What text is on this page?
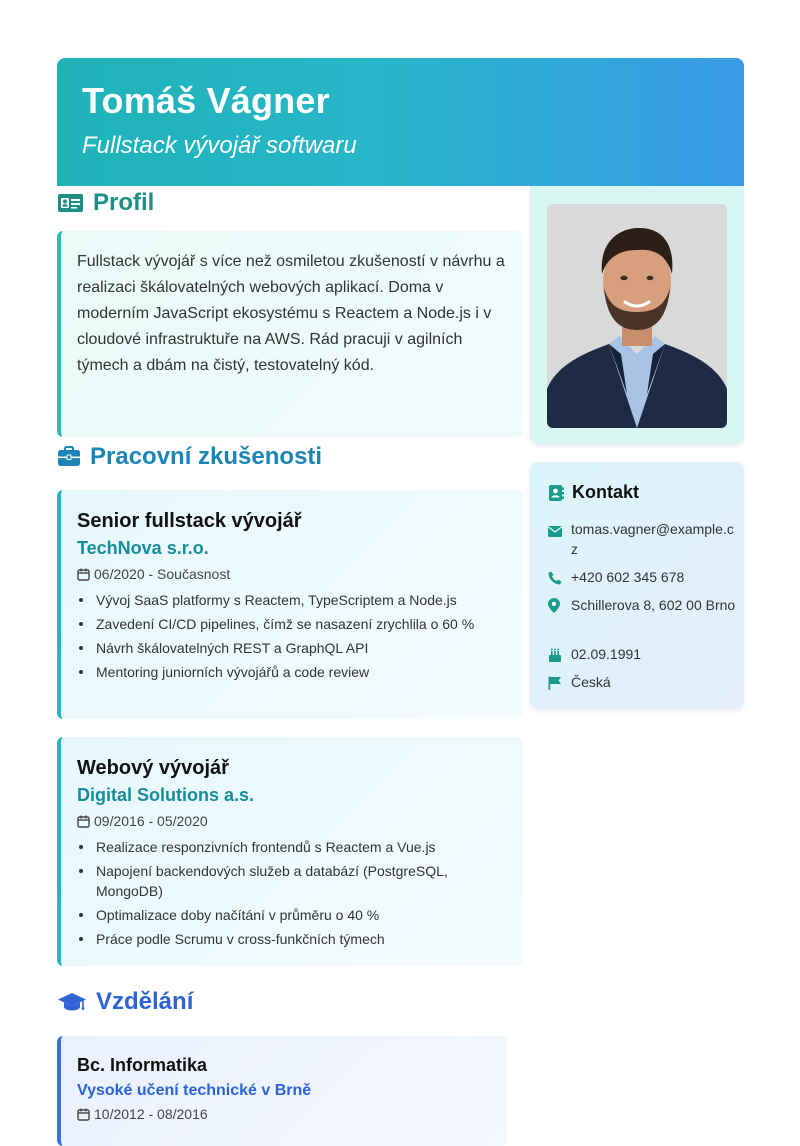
Tomáš Vágner
Fullstack vývojář softwaru
Profil
Fullstack vývojář s více než osmiletou zkušeností v návrhu a realizaci škálovatelných webových aplikací. Doma v moderním JavaScript ekosystému s Reactem a Node.js i v cloudové infrastruktuře na AWS. Rád pracuji v agilních týmech a dbám na čistý, testovatelný kód.
Pracovní zkušenosti
Senior fullstack vývojář
TechNova s.r.o.
06/2020 - Současnost
Vývoj SaaS platformy s Reactem, TypeScriptem a Node.js
Zavedení CI/CD pipelines, čímž se nasazení zrychlila o 60 %
Návrh škálovatelných REST a GraphQL API
Mentoring juniorních vývojářů a code review
Webový vývojář
Digital Solutions a.s.
09/2016 - 05/2020
Realizace responzivních frontendů s Reactem a Vue.js
Napojení backendových služeb a databází (PostgreSQL, MongoDB)
Optimalizace doby načítání v průměru o 40 %
Práce podle Scrumu v cross-funkčních týmech
Vzdělání
Bc. Informatika
Vysoké učení technické v Brně
10/2012 - 08/2016
Kontakt
tomas.vagner@example.cz
+420 602 345 678
Schillerova 8, 602 00 Brno
02.09.1991
Česká
